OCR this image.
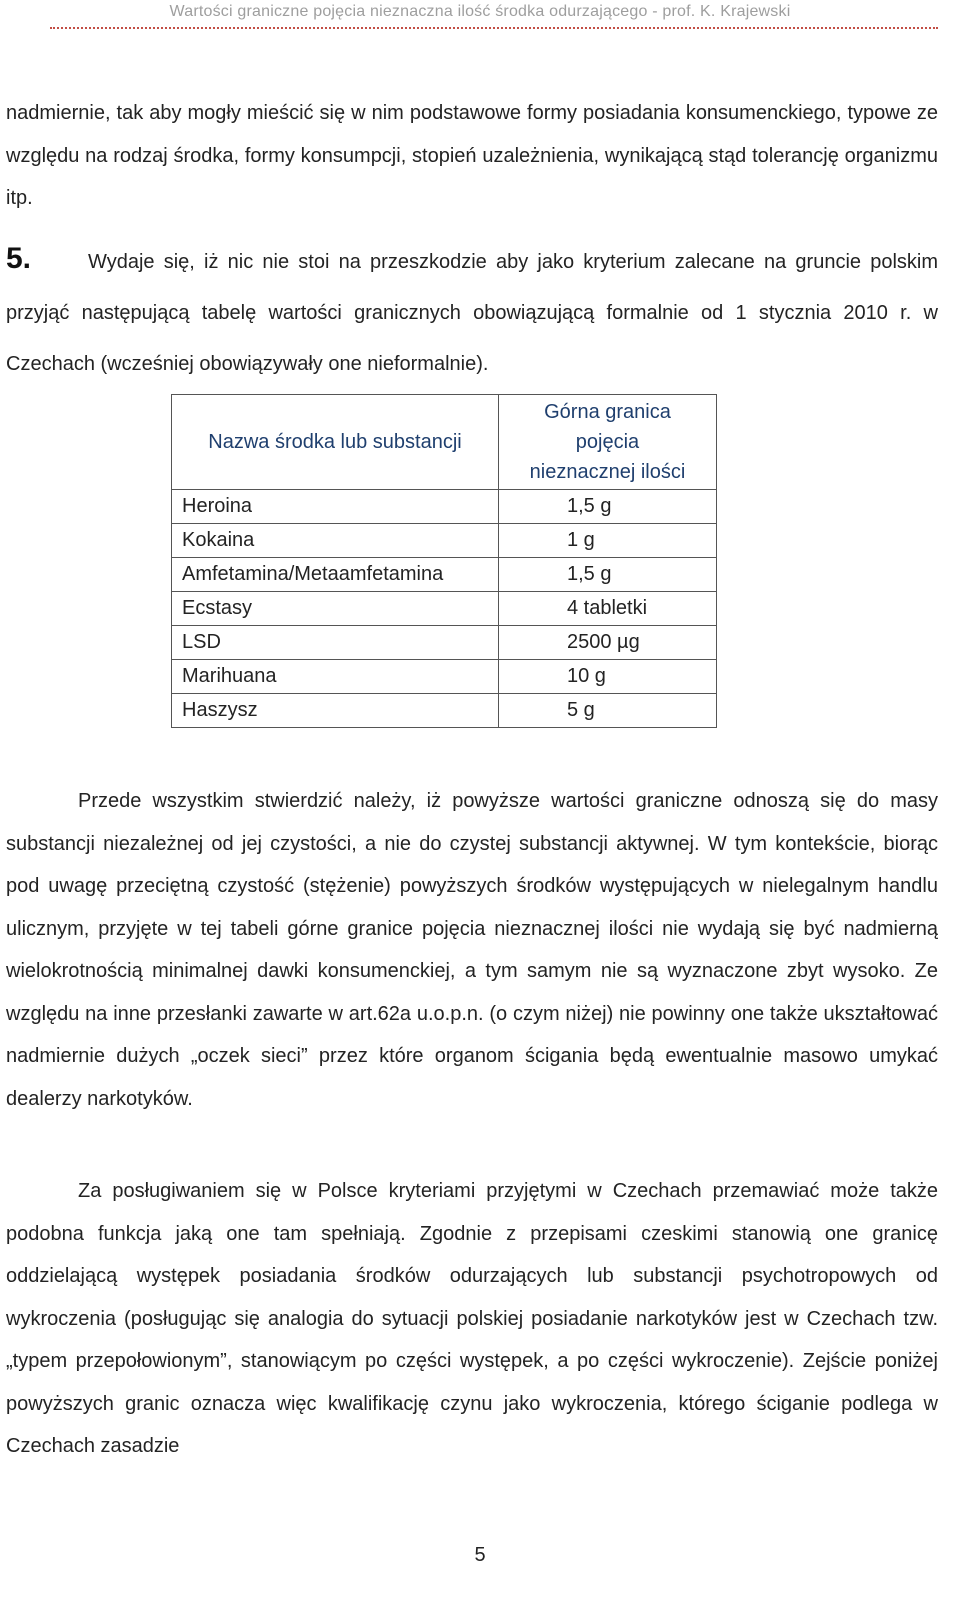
Wartości graniczne pojęcia nieznaczna ilość środka odurzającego - prof. K. Krajewski

nadmiernie, tak aby mogły mieścić się w nim podstawowe formy posiadania konsumenckiego, typowe ze względu na rodzaj środka, formy konsumpcji, stopień uzależnienia, wynikającą stąd tolerancję organizmu itp.

5.	Wydaje się, iż nic nie stoi na przeszkodzie aby jako kryterium zalecane na gruncie polskim przyjąć następującą tabelę wartości granicznych obowiązującą formalnie od 1 stycznia 2010 r. w Czechach (wcześniej obowiązywały one nieformalnie).

Nazwa środka lub substancji	Górna granica
pojęcia
nieznacznej ilości
Heroina	1,5 g
Kokaina	1 g
Amfetamina/Metaamfetamina	1,5 g
Ecstasy	4 tabletki
LSD	2500 µg
Marihuana	10 g
Haszysz	5 g

Przede wszystkim stwierdzić należy, iż powyższe wartości graniczne odnoszą się do masy substancji niezależnej od jej czystości, a nie do czystej substancji aktywnej. W tym kontekście, biorąc pod uwagę przeciętną czystość (stężenie) powyższych środków występujących w nielegalnym handlu ulicznym, przyjęte w tej tabeli górne granice pojęcia nieznacznej ilości nie wydają się być nadmierną wielokrotnością minimalnej dawki konsumenckiej, a tym samym nie są wyznaczone zbyt wysoko. Ze względu na inne przesłanki zawarte w art.62a u.o.p.n. (o czym niżej) nie powinny one także ukształtować nadmiernie dużych „oczek sieci” przez które organom ścigania będą ewentualnie masowo umykać dealerzy narkotyków.

Za posługiwaniem się w Polsce kryteriami przyjętymi w Czechach przemawiać może także podobna funkcja jaką one tam spełniają. Zgodnie z przepisami czeskimi stanowią one granicę oddzielającą występek posiadania środków odurzających lub substancji psychotropowych od wykroczenia (posługując się analogia do sytuacji polskiej posiadanie narkotyków jest w Czechach tzw. „typem przepołowionym”, stanowiącym po części występek, a po części wykroczenie). Zejście poniżej powyższych granic oznacza więc kwalifikację czynu jako wykroczenia, którego ściganie podlega w Czechach zasadzie

5
